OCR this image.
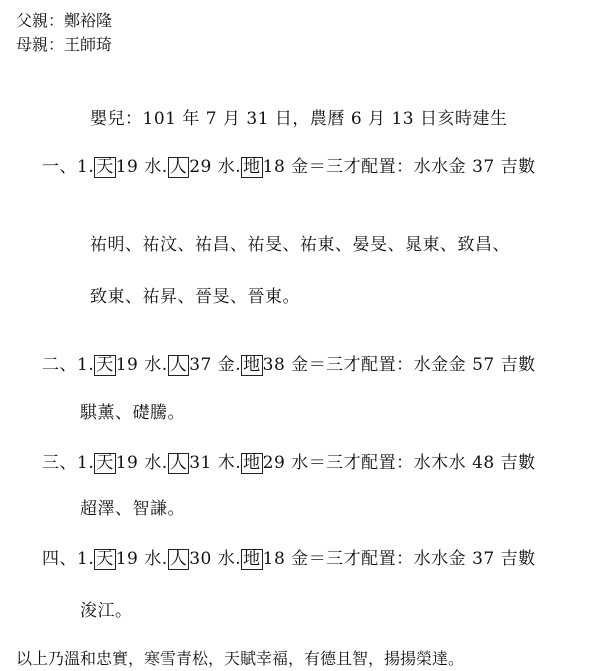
父親：鄭裕隆
母親：王師琦
嬰兒：101 年 7 月 31 日，農曆 6 月 13 日亥時建生
一、1. 天 19 水. 人 29 水. 地 18 金＝三才配置：水水金 37 吉數
祐明、祐汶、祐昌、祐旻、祐東、晏旻、晁東、致昌、
致東、祐昇、晉旻、晉東。
二、1. 天 19 水. 人 37 金. 地 38 金＝三才配置：水金金 57 吉數
騏薰、礎騰。
三、1. 天 19 水. 人 31 木. 地 29 水＝三才配置：水木水 48 吉數
超澤、智謙。
四、1. 天 19 水. 人 30 水. 地 18 金＝三才配置：水水金 37 吉數
浚江。
以上乃溫和忠實，寒雪青松，天賦幸福，有德且智，揚揚榮達。
